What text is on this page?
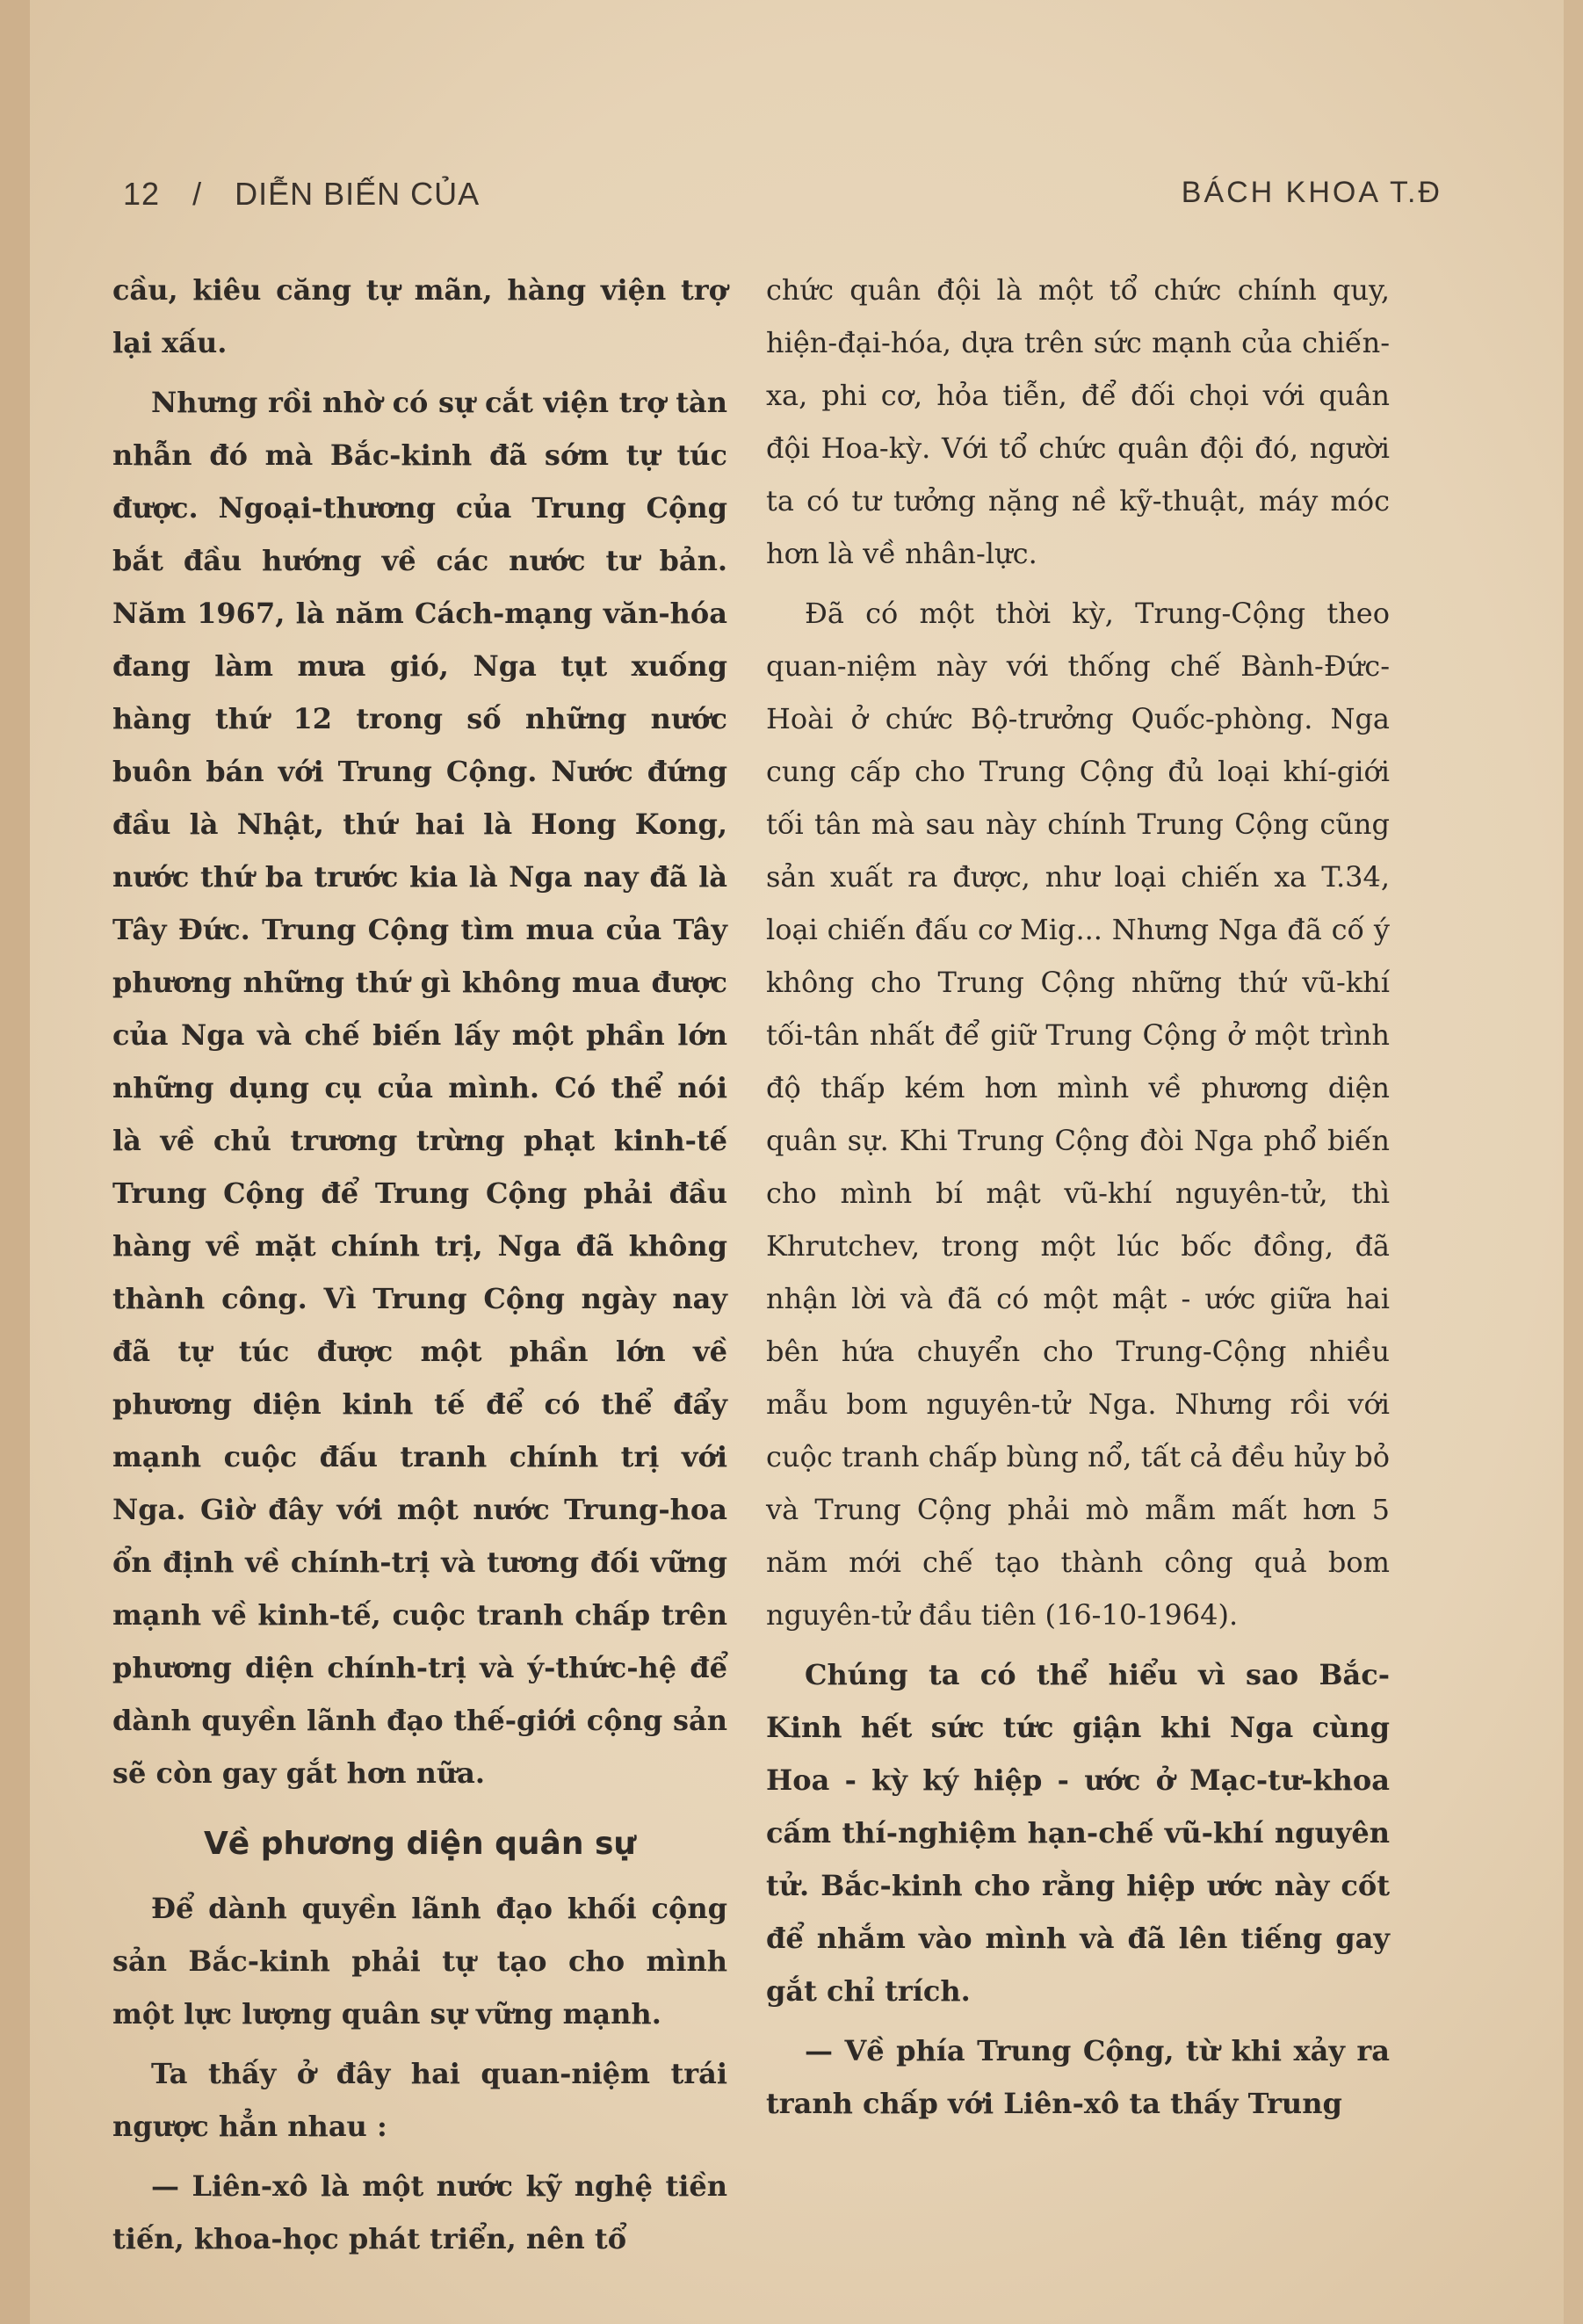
12 / DIỄN BIẾN CỦA	BÁCH KHOA T.Đ

cầu, kiêu căng tự mãn, hàng viện trợ lại xấu.

Nhưng rồi nhờ có sự cắt viện trợ tàn nhẫn đó mà Bắc-kinh đã sớm tự túc được. Ngoại-thương của Trung Cộng bắt đầu hướng về các nước tư bản. Năm 1967, là năm Cách-mạng văn-hóa đang làm mưa gió, Nga tụt xuống hàng thứ 12 trong số những nước buôn bán với Trung Cộng. Nước đứng đầu là Nhật, thứ hai là Hong Kong, nước thứ ba trước kia là Nga nay đã là Tây Đức. Trung Cộng tìm mua của Tây phương những thứ gì không mua được của Nga và chế biến lấy một phần lớn những dụng cụ của mình. Có thể nói là về chủ trương trừng phạt kinh-tế Trung Cộng để Trung Cộng phải đầu hàng về mặt chính trị, Nga đã không thành công. Vì Trung Cộng ngày nay đã tự túc được một phần lớn về phương diện kinh tế để có thể đẩy mạnh cuộc đấu tranh chính trị với Nga. Giờ đây với một nước Trung-hoa ổn định về chính-trị và tương đối vững mạnh về kinh-tế, cuộc tranh chấp trên phương diện chính-trị và ý-thức-hệ để dành quyền lãnh đạo thế-giới cộng sản sẽ còn gay gắt hơn nữa.

Về phương diện quân sự

Để dành quyền lãnh đạo khối cộng sản Bắc-kinh phải tự tạo cho mình một lực lượng quân sự vững mạnh.

Ta thấy ở đây hai quan-niệm trái ngược hẳn nhau :

— Liên-xô là một nước kỹ nghệ tiền tiến, khoa-học phát triển, nên tổ

chức quân đội là một tổ chức chính quy, hiện-đại-hóa, dựa trên sức mạnh của chiến-xa, phi cơ, hỏa tiễn, để đối chọi với quân đội Hoa-kỳ. Với tổ chức quân đội đó, người ta có tư tưởng nặng nề kỹ-thuật, máy móc hơn là về nhân-lực.

Đã có một thời kỳ, Trung-Cộng theo quan-niệm này với thống chế Bành-Đức-Hoài ở chức Bộ-trưởng Quốc-phòng. Nga cung cấp cho Trung Cộng đủ loại khí-giới tối tân mà sau này chính Trung Cộng cũng sản xuất ra được, như loại chiến xa T.34, loại chiến đấu cơ Mig... Nhưng Nga đã cố ý không cho Trung Cộng những thứ vũ-khí tối-tân nhất để giữ Trung Cộng ở một trình độ thấp kém hơn mình về phương diện quân sự. Khi Trung Cộng đòi Nga phổ biến cho mình bí mật vũ-khí nguyên-tử, thì Khrutchev, trong một lúc bốc đồng, đã nhận lời và đã có một mật - ước giữa hai bên hứa chuyển cho Trung-Cộng nhiều mẫu bom nguyên-tử Nga. Nhưng rồi với cuộc tranh chấp bùng nổ, tất cả đều hủy bỏ và Trung Cộng phải mò mẫm mất hơn 5 năm mới chế tạo thành công quả bom nguyên-tử đầu tiên (16-10-1964).

Chúng ta có thể hiểu vì sao Bắc-Kinh hết sức tức giận khi Nga cùng Hoa - kỳ ký hiệp - ước ở Mạc-tư-khoa cấm thí-nghiệm hạn-chế vũ-khí nguyên tử. Bắc-kinh cho rằng hiệp ước này cốt để nhắm vào mình và đã lên tiếng gay gắt chỉ trích.

— Về phía Trung Cộng, từ khi xảy ra tranh chấp với Liên-xô ta thấy Trung
